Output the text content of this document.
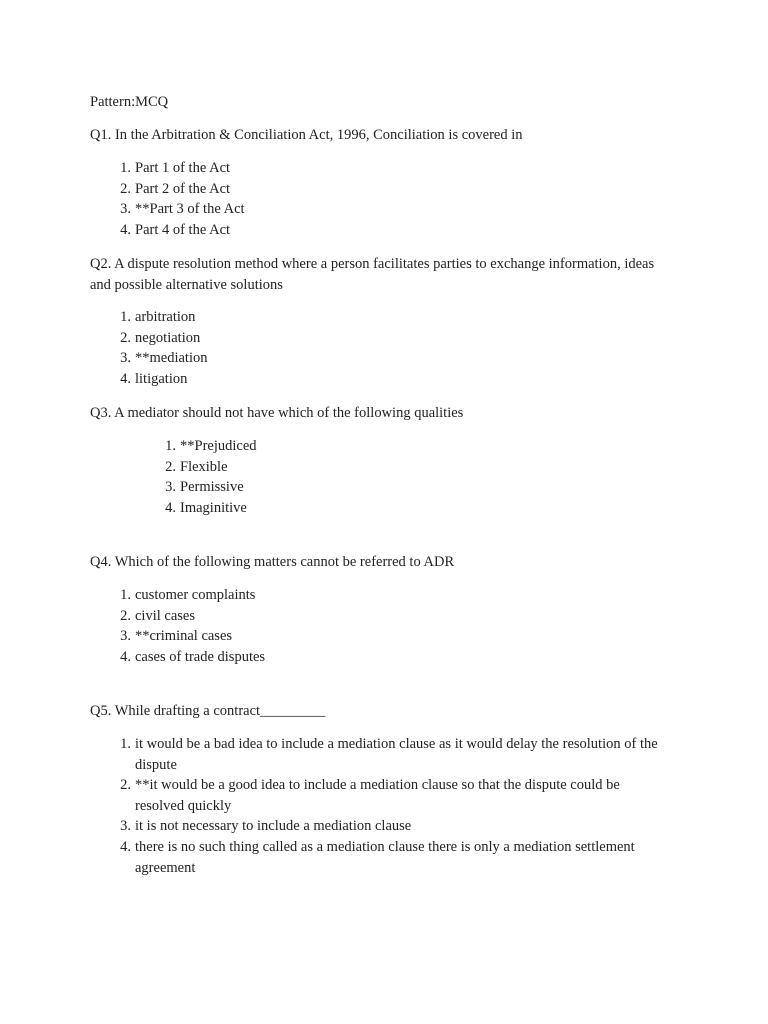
Pattern:MCQ
Q1. In the Arbitration & Conciliation Act, 1996, Conciliation is covered in
1. Part 1 of the Act
2. Part 2 of the Act
3. **Part 3 of the Act
4. Part 4 of the Act
Q2. A dispute resolution method where a person facilitates parties to exchange information, ideas and possible alternative solutions
1. arbitration
2. negotiation
3. **mediation
4. litigation
Q3. A mediator should not have which of the following qualities
1. **Prejudiced
2. Flexible
3. Permissive
4. Imaginitive
Q4. Which of the following matters cannot be referred to ADR
1. customer complaints
2. civil cases
3. **criminal cases
4. cases of trade disputes
Q5. While drafting a contract_________
1. it would be a bad idea to include a mediation clause as it would delay the resolution of the dispute
2. **it would be a good idea to include a mediation clause so that the dispute could be resolved quickly
3. it is not necessary to include a mediation clause
4. there is no such thing called as a mediation clause there is only a mediation settlement agreement
